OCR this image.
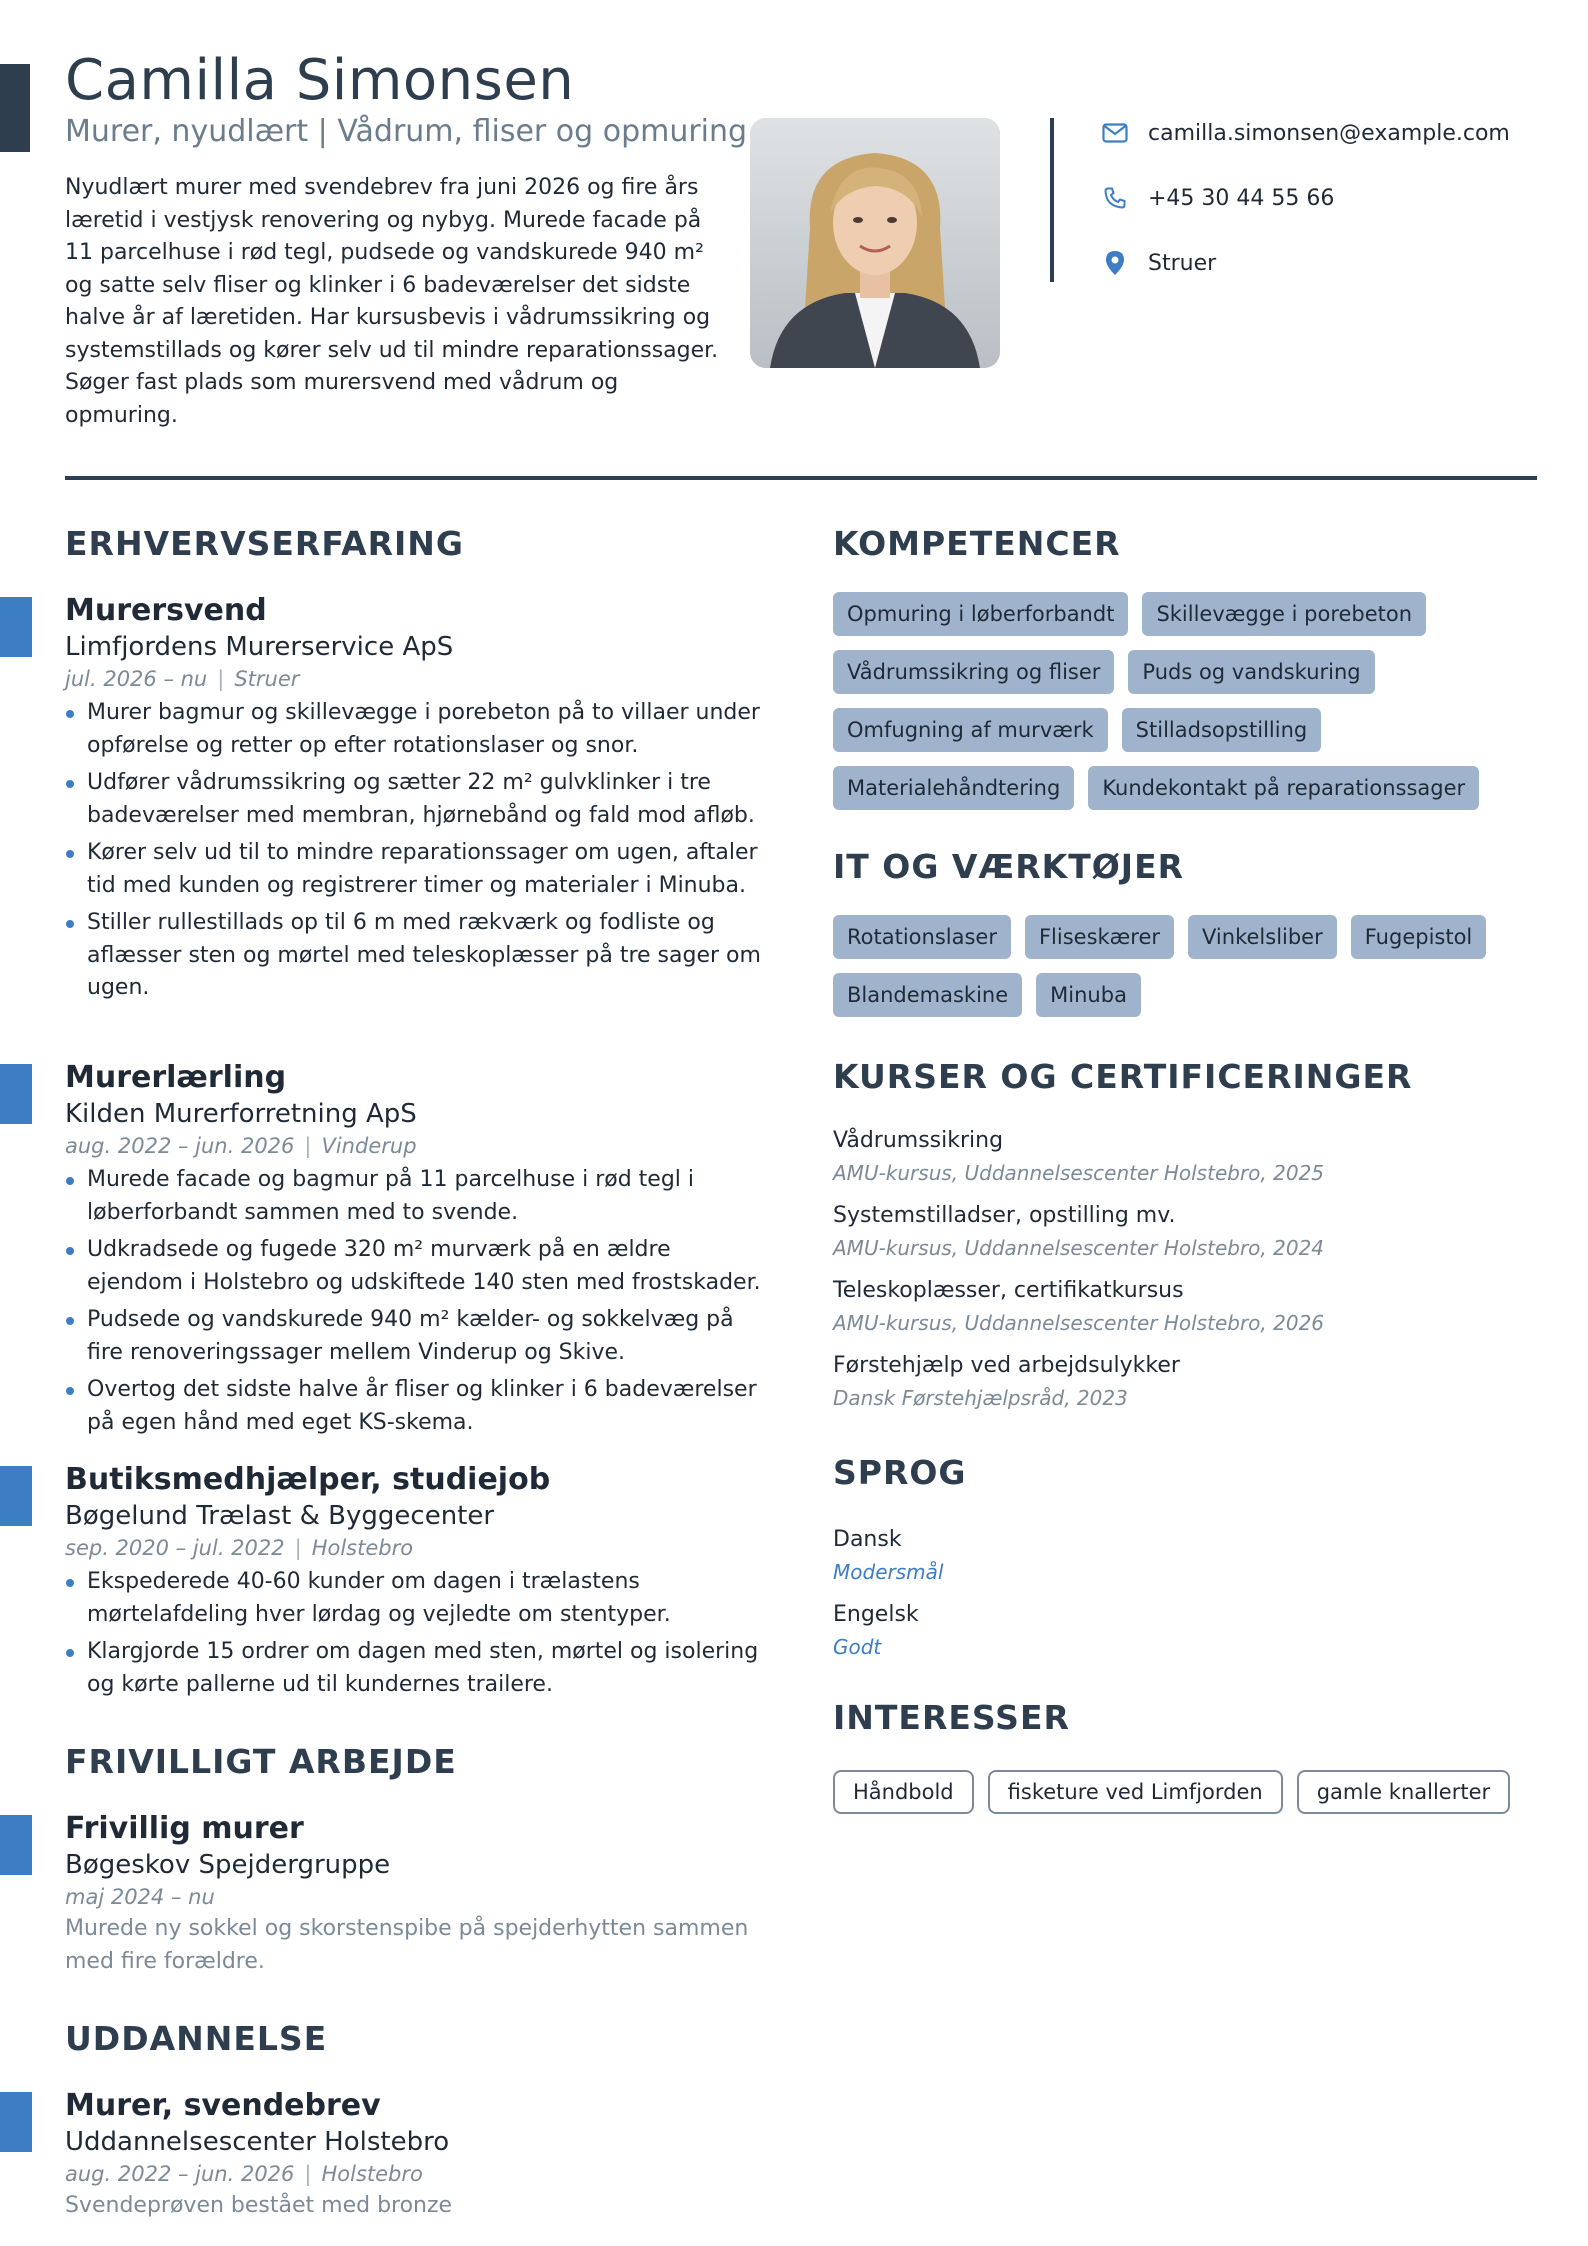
Camilla Simonsen
Murer, nyudlært | Vådrum, fliser og opmuring
Nyudlært murer med svendebrev fra juni 2026 og fire års læretid i vestjysk renovering og nybyg. Murede facade på 11 parcelhuse i rød tegl, pudsede og vandskurede 940 m² og satte selv fliser og klinker i 6 badeværelser det sidste halve år af læretiden. Har kursusbevis i vådrumssikring og systemstillads og kører selv ud til mindre reparationssager. Søger fast plads som murersvend med vådrum og opmuring.
camilla.simonsen@example.com
+45 30 44 55 66
Struer
ERHVERVSERFARING
Murersvend
Limfjordens Murerservice ApS
jul. 2026 – nu | Struer
Murer bagmur og skillevægge i porebeton på to villaer under opførelse og retter op efter rotationslaser og snor.
Udfører vådrumssikring og sætter 22 m² gulvklinker i tre badeværelser med membran, hjørnebånd og fald mod afløb.
Kører selv ud til to mindre reparationssager om ugen, aftaler tid med kunden og registrerer timer og materialer i Minuba.
Stiller rullestillads op til 6 m med rækværk og fodliste og aflæsser sten og mørtel med teleskoplæsser på tre sager om ugen.
Murerlærling
Kilden Murerforretning ApS
aug. 2022 – jun. 2026 | Vinderup
Murede facade og bagmur på 11 parcelhuse i rød tegl i løberforbandt sammen med to svende.
Udkradsede og fugede 320 m² murværk på en ældre ejendom i Holstebro og udskiftede 140 sten med frostskader.
Pudsede og vandskurede 940 m² kælder- og sokkelvæg på fire renoveringssager mellem Vinderup og Skive.
Overtog det sidste halve år fliser og klinker i 6 badeværelser på egen hånd med eget KS-skema.
Butiksmedhjælper, studiejob
Bøgelund Trælast & Byggecenter
sep. 2020 – jul. 2022 | Holstebro
Ekspederede 40-60 kunder om dagen i trælastens mørtelafdeling hver lørdag og vejledte om stentyper.
Klargjorde 15 ordrer om dagen med sten, mørtel og isolering og kørte pallerne ud til kundernes trailere.
FRIVILLIGT ARBEJDE
Frivillig murer
Bøgeskov Spejdergruppe
maj 2024 – nu
Murede ny sokkel og skorstenspibe på spejderhytten sammen med fire forældre.
UDDANNELSE
Murer, svendebrev
Uddannelsescenter Holstebro
aug. 2022 – jun. 2026 | Holstebro
Svendeprøven bestået med bronze
KOMPETENCER
Opmuring i løberforbandt	Skillevægge i porebeton
Vådrumssikring og fliser	Puds og vandskuring
Omfugning af murværk	Stilladsopstilling
Materialehåndtering	Kundekontakt på reparationssager
IT OG VÆRKTØJER
Rotationslaser	Fliseskærer	Vinkelsliber	Fugepistol
Blandemaskine	Minuba
KURSER OG CERTIFICERINGER
Vådrumssikring
AMU-kursus, Uddannelsescenter Holstebro, 2025
Systemstilladser, opstilling mv.
AMU-kursus, Uddannelsescenter Holstebro, 2024
Teleskoplæsser, certifikatkursus
AMU-kursus, Uddannelsescenter Holstebro, 2026
Førstehjælp ved arbejdsulykker
Dansk Førstehjælpsråd, 2023
SPROG
Dansk
Modersmål
Engelsk
Godt
INTERESSER
Håndbold	fisketure ved Limfjorden	gamle knallerter
